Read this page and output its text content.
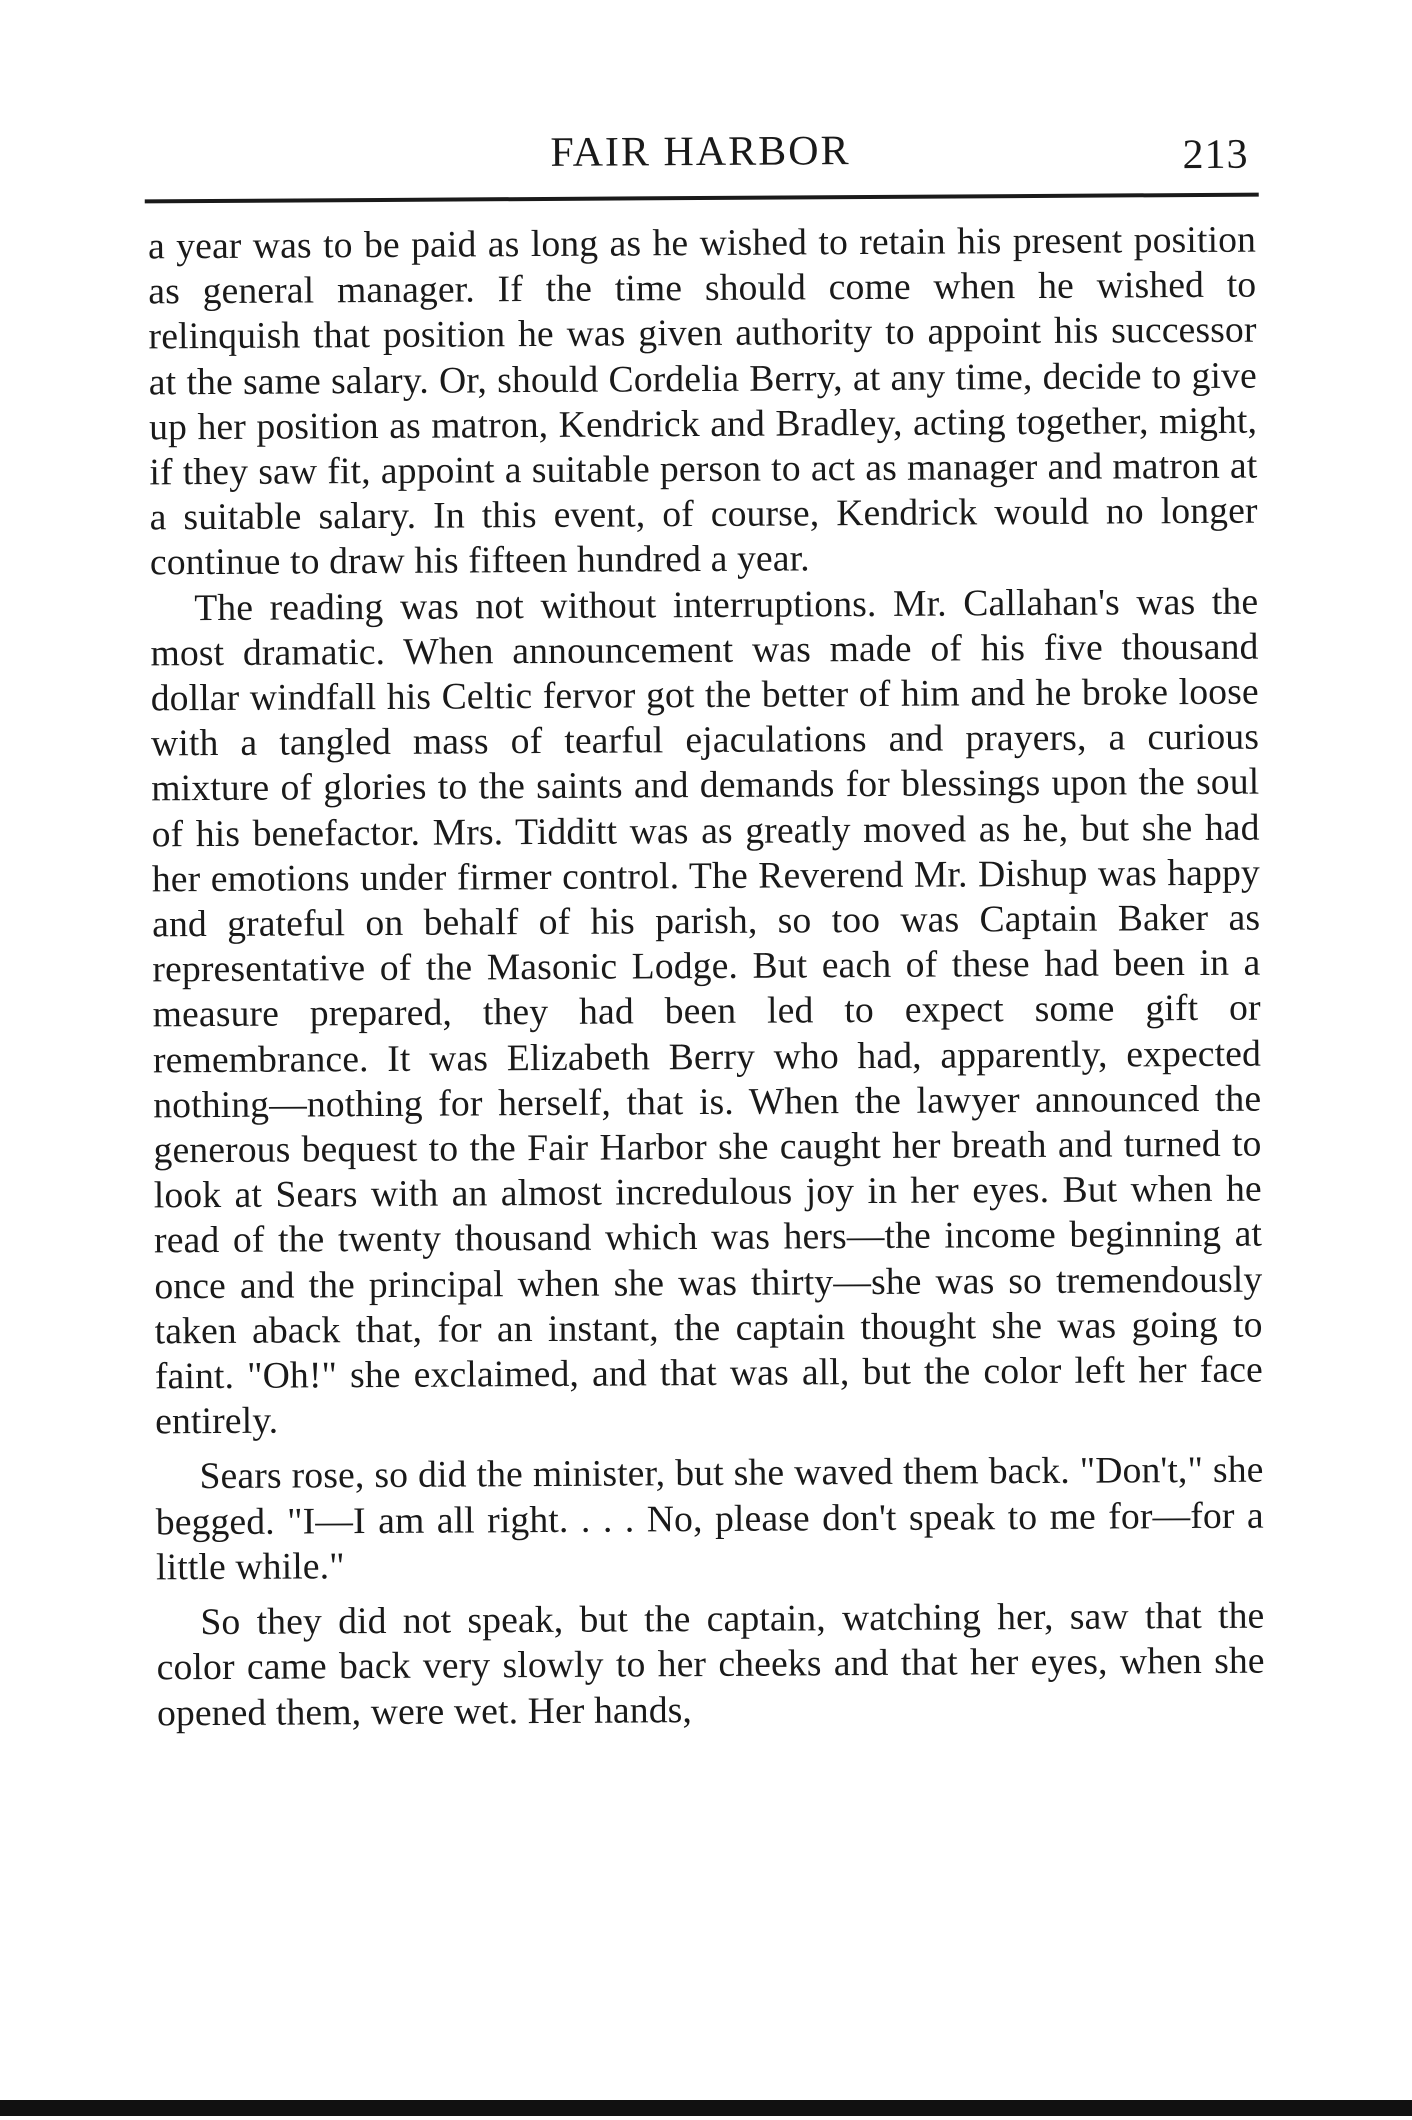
FAIR HARBOR	213

a year was to be paid as long as he wished to retain his present position as general manager. If the time should come when he wished to relinquish that position he was given authority to appoint his successor at the same salary. Or, should Cordelia Berry, at any time, decide to give up her position as matron, Kendrick and Bradley, acting together, might, if they saw fit, appoint a suitable person to act as manager and matron at a suitable salary. In this event, of course, Kendrick would no longer continue to draw his fifteen hundred a year.

The reading was not without interruptions. Mr. Callahan's was the most dramatic. When announcement was made of his five thousand dollar windfall his Celtic fervor got the better of him and he broke loose with a tangled mass of tearful ejaculations and prayers, a curious mixture of glories to the saints and demands for blessings upon the soul of his benefactor. Mrs. Tidditt was as greatly moved as he, but she had her emotions under firmer control. The Reverend Mr. Dishup was happy and grateful on behalf of his parish, so too was Captain Baker as representative of the Masonic Lodge. But each of these had been in a measure prepared, they had been led to expect some gift or remembrance. It was Elizabeth Berry who had, apparently, expected nothing—nothing for herself, that is. When the lawyer announced the generous bequest to the Fair Harbor she caught her breath and turned to look at Sears with an almost incredulous joy in her eyes. But when he read of the twenty thousand which was hers—the income beginning at once and the principal when she was thirty—she was so tremendously taken aback that, for an instant, the captain thought she was going to faint. "Oh!" she exclaimed, and that was all, but the color left her face entirely.

Sears rose, so did the minister, but she waved them back. "Don't," she begged. "I—I am all right. . . . No, please don't speak to me for—for a little while."

So they did not speak, but the captain, watching her, saw that the color came back very slowly to her cheeks and that her eyes, when she opened them, were wet. Her hands,
